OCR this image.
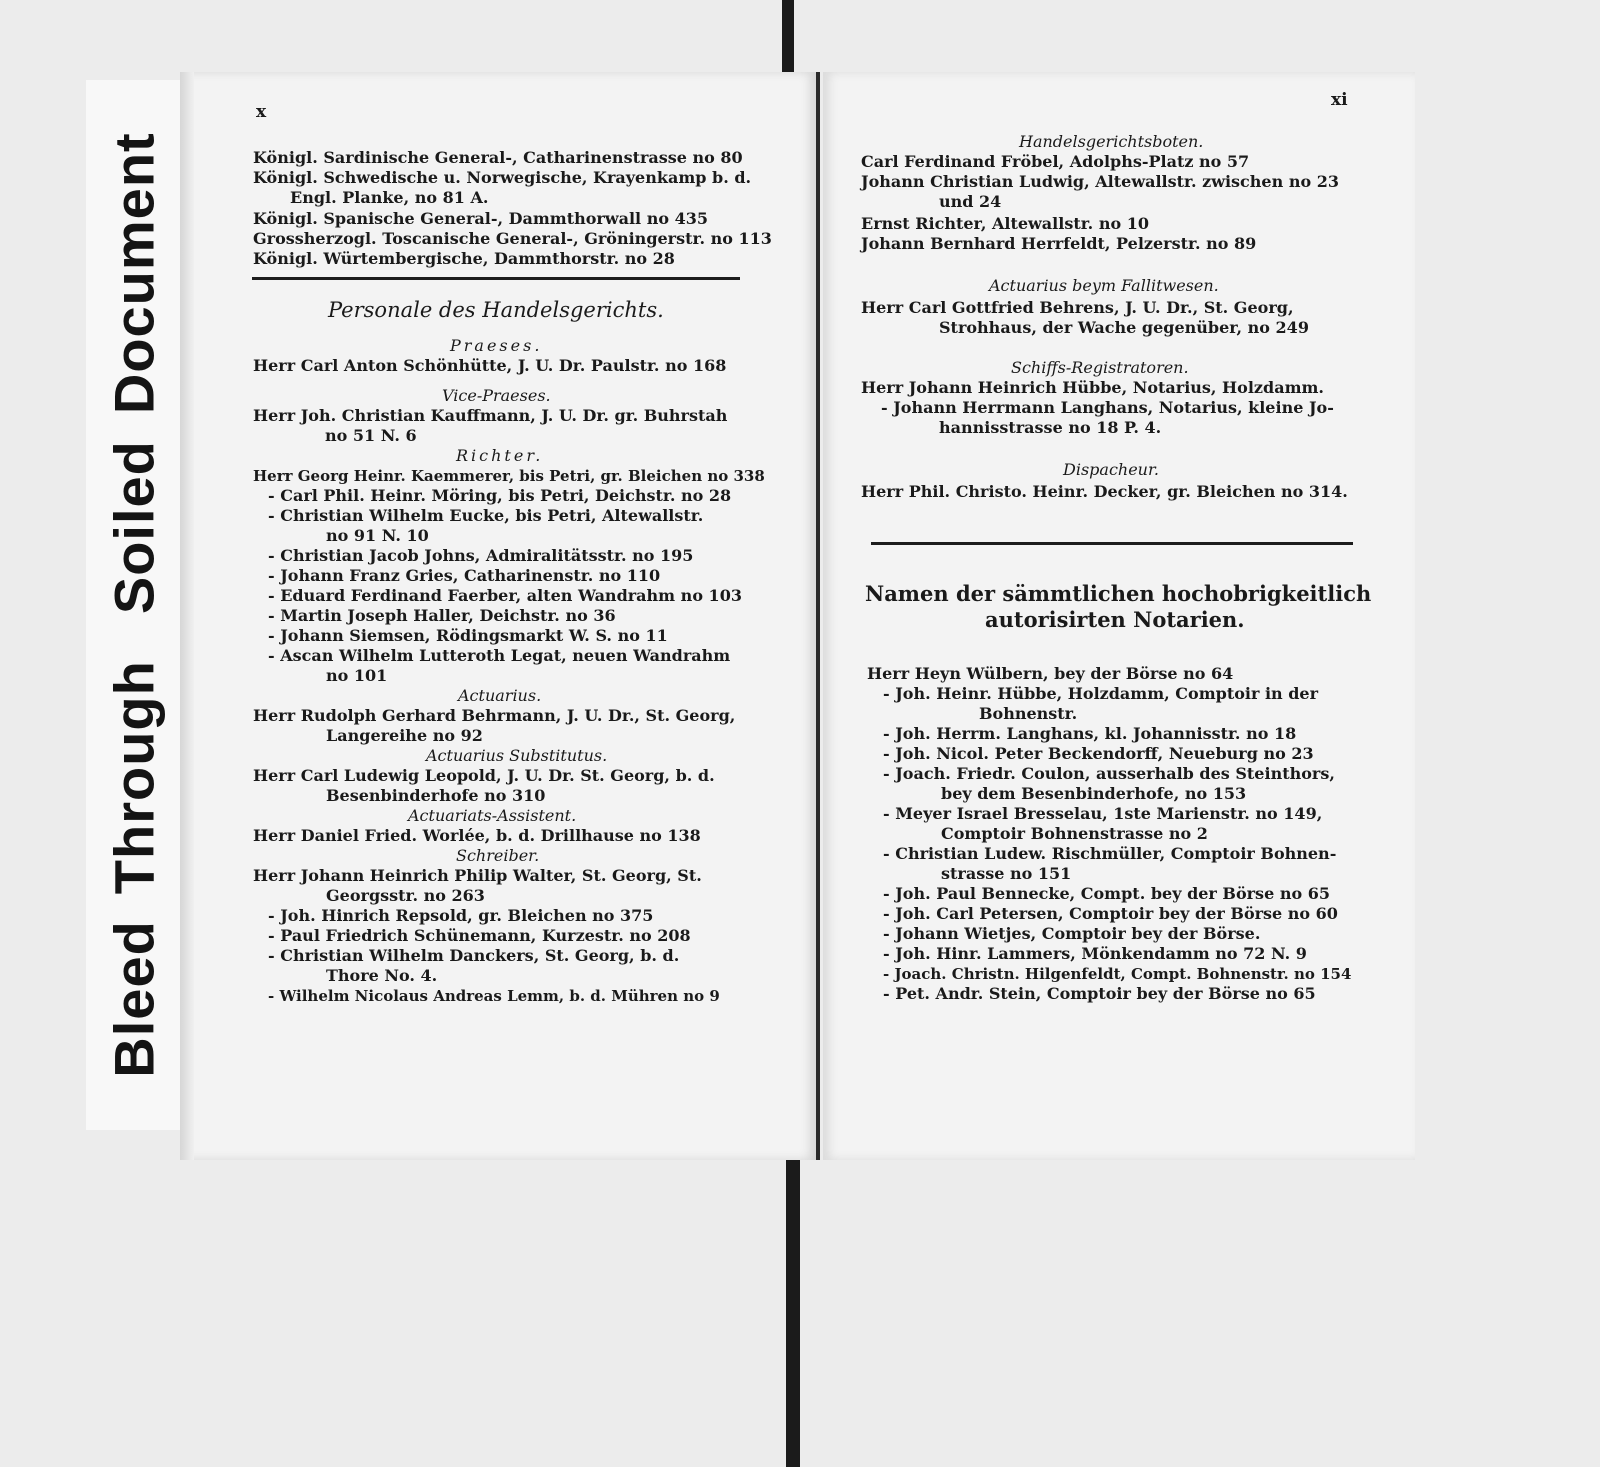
BleedThroughSoiledDocument
x
Königl. Sardinische General-, Catharinenstrasse no 80
Königl. Schwedische u. Norwegische, Krayenkamp b. d.
Engl. Planke, no 81 A.
Königl. Spanische General-, Dammthorwall no 435
Grossherzogl. Toscanische General-, Gröningerstr. no 113
Königl. Würtembergische, Dammthorstr. no 28
Personale des Handelsgerichts.
Praeses.
Herr Carl Anton Schönhütte, J. U. Dr. Paulstr. no 168
Vice-Praeses.
Herr Joh. Christian Kauffmann, J. U. Dr. gr. Buhrstah
no 51 N. 6
Richter.
Herr Georg Heinr. Kaemmerer, bis Petri, gr. Bleichen no 338
- Carl Phil. Heinr. Möring, bis Petri, Deichstr. no 28
- Christian Wilhelm Eucke, bis Petri, Altewallstr.
no 91 N. 10
- Christian Jacob Johns, Admiralitätsstr. no 195
- Johann Franz Gries, Catharinenstr. no 110
- Eduard Ferdinand Faerber, alten Wandrahm no 103
- Martin Joseph Haller, Deichstr. no 36
- Johann Siemsen, Rödingsmarkt W. S. no 11
- Ascan Wilhelm Lutteroth Legat, neuen Wandrahm
no 101
Actuarius.
Herr Rudolph Gerhard Behrmann, J. U. Dr., St. Georg,
Langereihe no 92
Actuarius Substitutus.
Herr Carl Ludewig Leopold, J. U. Dr. St. Georg, b. d.
Besenbinderhofe no 310
Actuariats-Assistent.
Herr Daniel Fried. Worlée, b. d. Drillhause no 138
Schreiber.
Herr Johann Heinrich Philip Walter, St. Georg, St.
Georgsstr. no 263
- Joh. Hinrich Repsold, gr. Bleichen no 375
- Paul Friedrich Schünemann, Kurzestr. no 208
- Christian Wilhelm Danckers, St. Georg, b. d.
Thore No. 4.
- Wilhelm Nicolaus Andreas Lemm, b. d. Mühren no 9
xi
Handelsgerichtsboten.
Carl Ferdinand Fröbel, Adolphs-Platz no 57
Johann Christian Ludwig, Altewallstr. zwischen no 23
und 24
Ernst Richter, Altewallstr. no 10
Johann Bernhard Herrfeldt, Pelzerstr. no 89
Actuarius beym Fallitwesen.
Herr Carl Gottfried Behrens, J. U. Dr., St. Georg,
Strohhaus, der Wache gegenüber, no 249
Schiffs-Registratoren.
Herr Johann Heinrich Hübbe, Notarius, Holzdamm.
- Johann Herrmann Langhans, Notarius, kleine Jo-
hannisstrasse no 18 P. 4.
Dispacheur.
Herr Phil. Christo. Heinr. Decker, gr. Bleichen no 314.
Namen der sämmtlichen hochobrigkeitlich
autorisirten Notarien.
Herr Heyn Wülbern, bey der Börse no 64
- Joh. Heinr. Hübbe, Holzdamm, Comptoir in der
Bohnenstr.
- Joh. Herrm. Langhans, kl. Johannisstr. no 18
- Joh. Nicol. Peter Beckendorff, Neueburg no 23
- Joach. Friedr. Coulon, ausserhalb des Steinthors,
bey dem Besenbinderhofe, no 153
- Meyer Israel Bresselau, 1ste Marienstr. no 149,
Comptoir Bohnenstrasse no 2
- Christian Ludew. Rischmüller, Comptoir Bohnen-
strasse no 151
- Joh. Paul Bennecke, Compt. bey der Börse no 65
- Joh. Carl Petersen, Comptoir bey der Börse no 60
- Johann Wietjes, Comptoir bey der Börse.
- Joh. Hinr. Lammers, Mönkendamm no 72 N. 9
- Joach. Christn. Hilgenfeldt, Compt. Bohnenstr. no 154
- Pet. Andr. Stein, Comptoir bey der Börse no 65
